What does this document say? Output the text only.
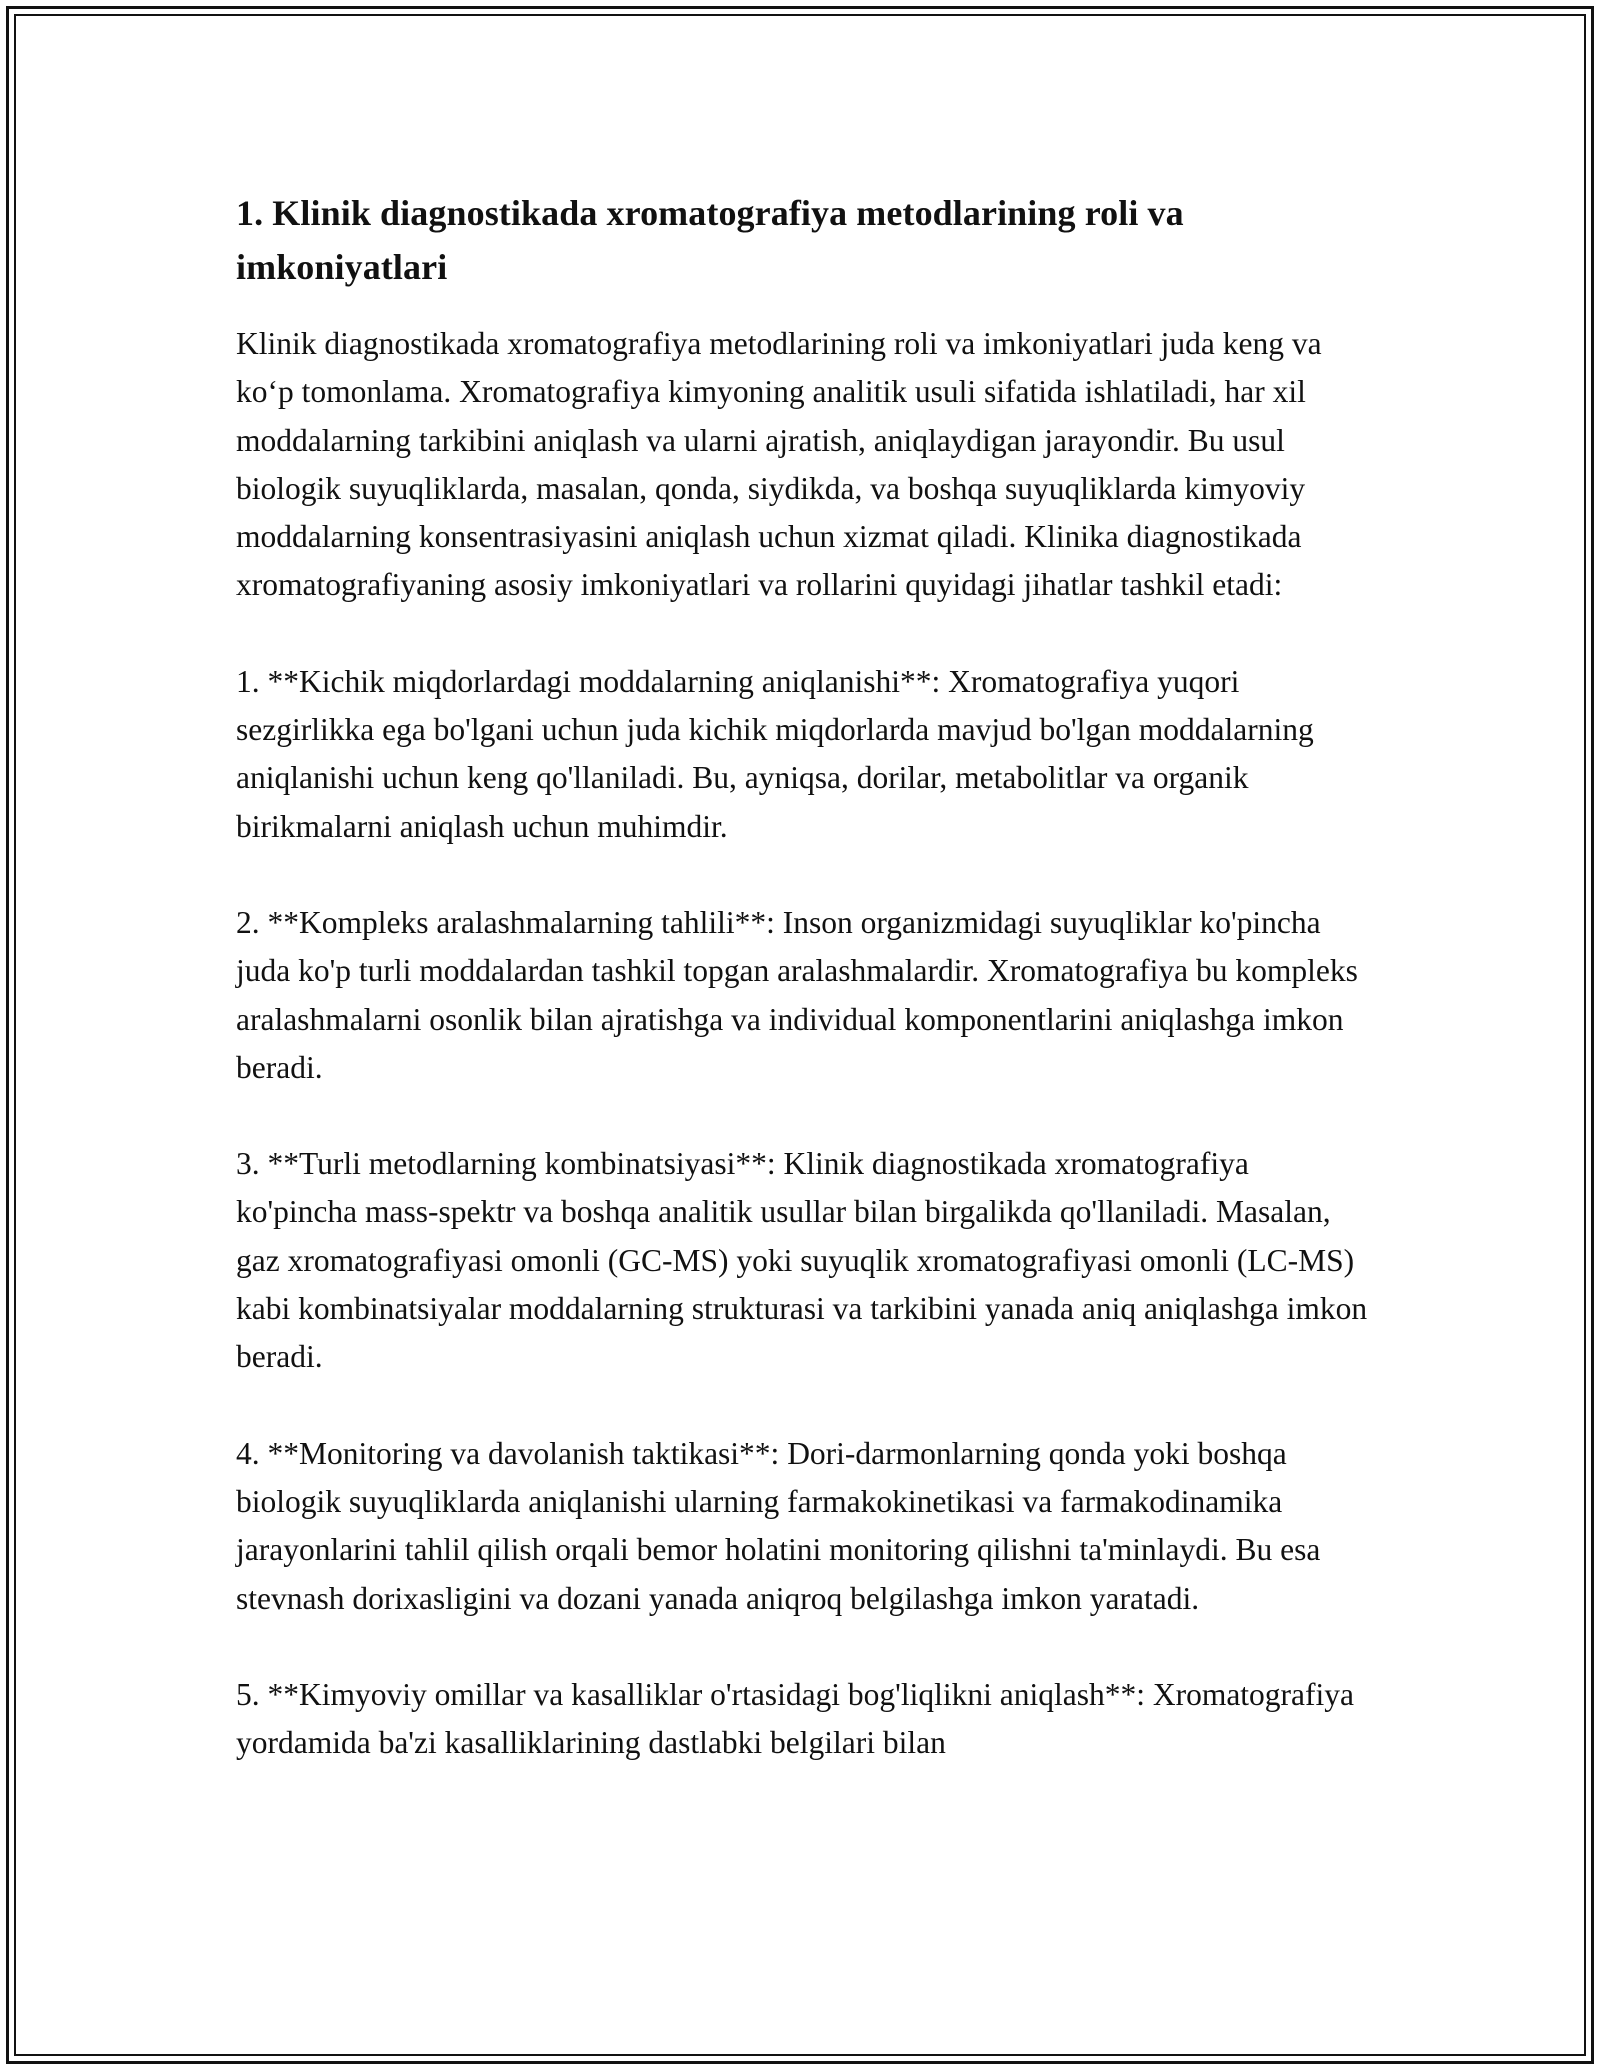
1. Klinik diagnostikada xromatografiya metodlarining roli va imkoniyatlari

Klinik diagnostikada xromatografiya metodlarining roli va imkoniyatlari juda keng va ko‘p tomonlama. Xromatografiya kimyoning analitik usuli sifatida ishlatiladi, har xil moddalarning tarkibini aniqlash va ularni ajratish, aniqlaydigan jarayondir. Bu usul biologik suyuqliklarda, masalan, qonda, siydikda, va boshqa suyuqliklarda kimyoviy moddalarning konsentrasiyasini aniqlash uchun xizmat qiladi. Klinika diagnostikada xromatografiyaning asosiy imkoniyatlari va rollarini quyidagi jihatlar tashkil etadi:

1. **Kichik miqdorlardagi moddalarning aniqlanishi**: Xromatografiya yuqori sezgirlikka ega bo'lgani uchun juda kichik miqdorlarda mavjud bo'lgan moddalarning aniqlanishi uchun keng qo'llaniladi. Bu, ayniqsa, dorilar, metabolitlar va organik birikmalarni aniqlash uchun muhimdir.

2. **Kompleks aralashmalarning tahlili**: Inson organizmidagi suyuqliklar ko'pincha juda ko'p turli moddalardan tashkil topgan aralashmalardir. Xromatografiya bu kompleks aralashmalarni osonlik bilan ajratishga va individual komponentlarini aniqlashga imkon beradi.

3. **Turli metodlarning kombinatsiyasi**: Klinik diagnostikada xromatografiya ko'pincha mass-spektr va boshqa analitik usullar bilan birgalikda qo'llaniladi. Masalan, gaz xromatografiyasi omonli (GC-MS) yoki suyuqlik xromatografiyasi omonli (LC-MS) kabi kombinatsiyalar moddalarning strukturasi va tarkibini yanada aniq aniqlashga imkon beradi.

4. **Monitoring va davolanish taktikasi**: Dori-darmonlarning qonda yoki boshqa biologik suyuqliklarda aniqlanishi ularning farmakokinetikasi va farmakodinamika jarayonlarini tahlil qilish orqali bemor holatini monitoring qilishni ta'minlaydi. Bu esa stevnash dorixasligini va dozani yanada aniqroq belgilashga imkon yaratadi.

5. **Kimyoviy omillar va kasalliklar o'rtasidagi bog'liqlikni aniqlash**: Xromatografiya yordamida ba'zi kasalliklarining dastlabki belgilari bilan
